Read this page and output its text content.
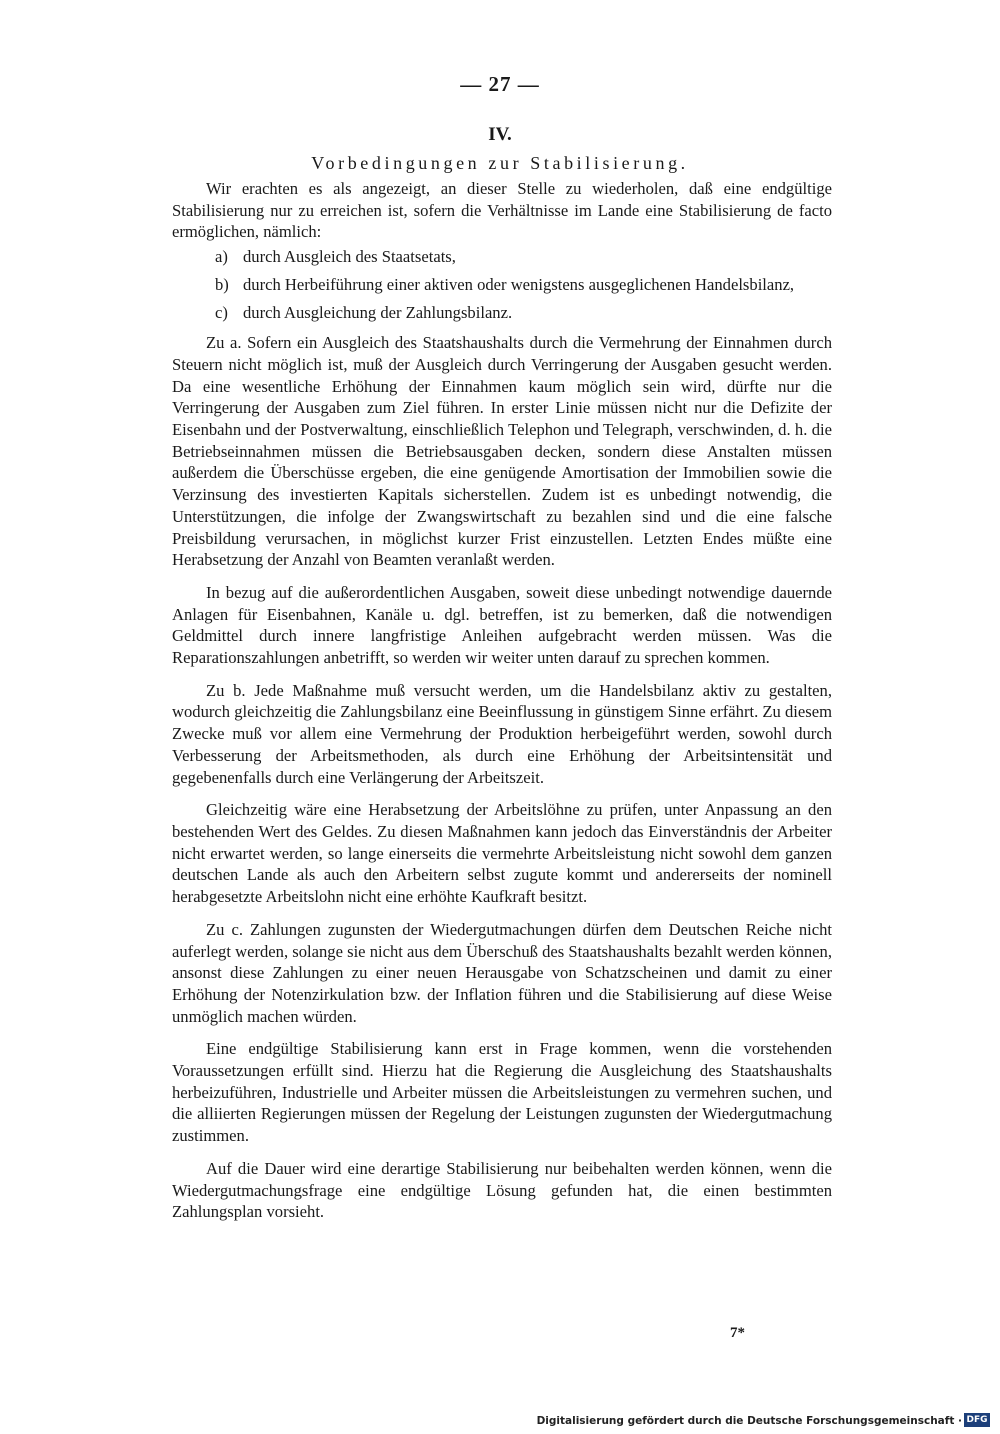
— 27 —
IV.
Vorbedingungen zur Stabilisierung.

Wir erachten es als angezeigt, an dieser Stelle zu wiederholen, daß eine endgültige Stabilisierung nur zu erreichen ist, sofern die Verhältnisse im Lande eine Stabilisierung de facto ermöglichen, nämlich:

a) durch Ausgleich des Staatsetats,
b) durch Herbeiführung einer aktiven oder wenigstens ausgeglichenen Handelsbilanz,
c) durch Ausgleichung der Zahlungsbilanz.

Zu a. Sofern ein Ausgleich des Staatshaushalts durch die Vermehrung der Einnahmen durch Steuern nicht möglich ist, muß der Ausgleich durch Verringerung der Ausgaben gesucht werden. Da eine wesentliche Erhöhung der Einnahmen kaum möglich sein wird, dürfte nur die Verringerung der Ausgaben zum Ziel führen. In erster Linie müssen nicht nur die Defizite der Eisenbahn und der Postverwaltung, einschließlich Telephon und Telegraph, verschwinden, d. h. die Betriebseinnahmen müssen die Betriebsausgaben decken, sondern diese Anstalten müssen außerdem die Überschüsse ergeben, die eine genügende Amortisation der Immobilien sowie die Verzinsung des investierten Kapitals sicherstellen. Zudem ist es unbedingt notwendig, die Unterstützungen, die infolge der Zwangswirtschaft zu bezahlen sind und die eine falsche Preisbildung verursachen, in möglichst kurzer Frist einzustellen. Letzten Endes müßte eine Herabsetzung der Anzahl von Beamten veranlaßt werden.

In bezug auf die außerordentlichen Ausgaben, soweit diese unbedingt notwendige dauernde Anlagen für Eisenbahnen, Kanäle u. dgl. betreffen, ist zu bemerken, daß die notwendigen Geldmittel durch innere langfristige Anleihen aufgebracht werden müssen. Was die Reparationszahlungen anbetrifft, so werden wir weiter unten darauf zu sprechen kommen.

Zu b. Jede Maßnahme muß versucht werden, um die Handelsbilanz aktiv zu gestalten, wodurch gleichzeitig die Zahlungsbilanz eine Beeinflussung in günstigem Sinne erfährt. Zu diesem Zwecke muß vor allem eine Vermehrung der Produktion herbeigeführt werden, sowohl durch Verbesserung der Arbeitsmethoden, als durch eine Erhöhung der Arbeitsintensität und gegebenenfalls durch eine Verlängerung der Arbeitszeit.

Gleichzeitig wäre eine Herabsetzung der Arbeitslöhne zu prüfen, unter Anpassung an den bestehenden Wert des Geldes. Zu diesen Maßnahmen kann jedoch das Einverständnis der Arbeiter nicht erwartet werden, so lange einerseits die vermehrte Arbeitsleistung nicht sowohl dem ganzen deutschen Lande als auch den Arbeitern selbst zugute kommt und andererseits der nominell herabgesetzte Arbeitslohn nicht eine erhöhte Kaufkraft besitzt.

Zu c. Zahlungen zugunsten der Wiedergutmachungen dürfen dem Deutschen Reiche nicht auferlegt werden, solange sie nicht aus dem Überschuß des Staatshaushalts bezahlt werden können, ansonst diese Zahlungen zu einer neuen Herausgabe von Schatzscheinen und damit zu einer Erhöhung der Notenzirkulation bzw. der Inflation führen und die Stabilisierung auf diese Weise unmöglich machen würden.

Eine endgültige Stabilisierung kann erst in Frage kommen, wenn die vorstehenden Voraussetzungen erfüllt sind. Hierzu hat die Regierung die Ausgleichung des Staatshaushalts herbeizuführen, Industrielle und Arbeiter müssen die Arbeitsleistungen zu vermehren suchen, und die alliierten Regierungen müssen der Regelung der Leistungen zugunsten der Wiedergutmachung zustimmen.

Auf die Dauer wird eine derartige Stabilisierung nur beibehalten werden können, wenn die Wiedergutmachungsfrage eine endgültige Lösung gefunden hat, die einen bestimmten Zahlungsplan vorsieht.

7*
Digitalisierung gefördert durch die Deutsche Forschungsgemeinschaft · DFG
